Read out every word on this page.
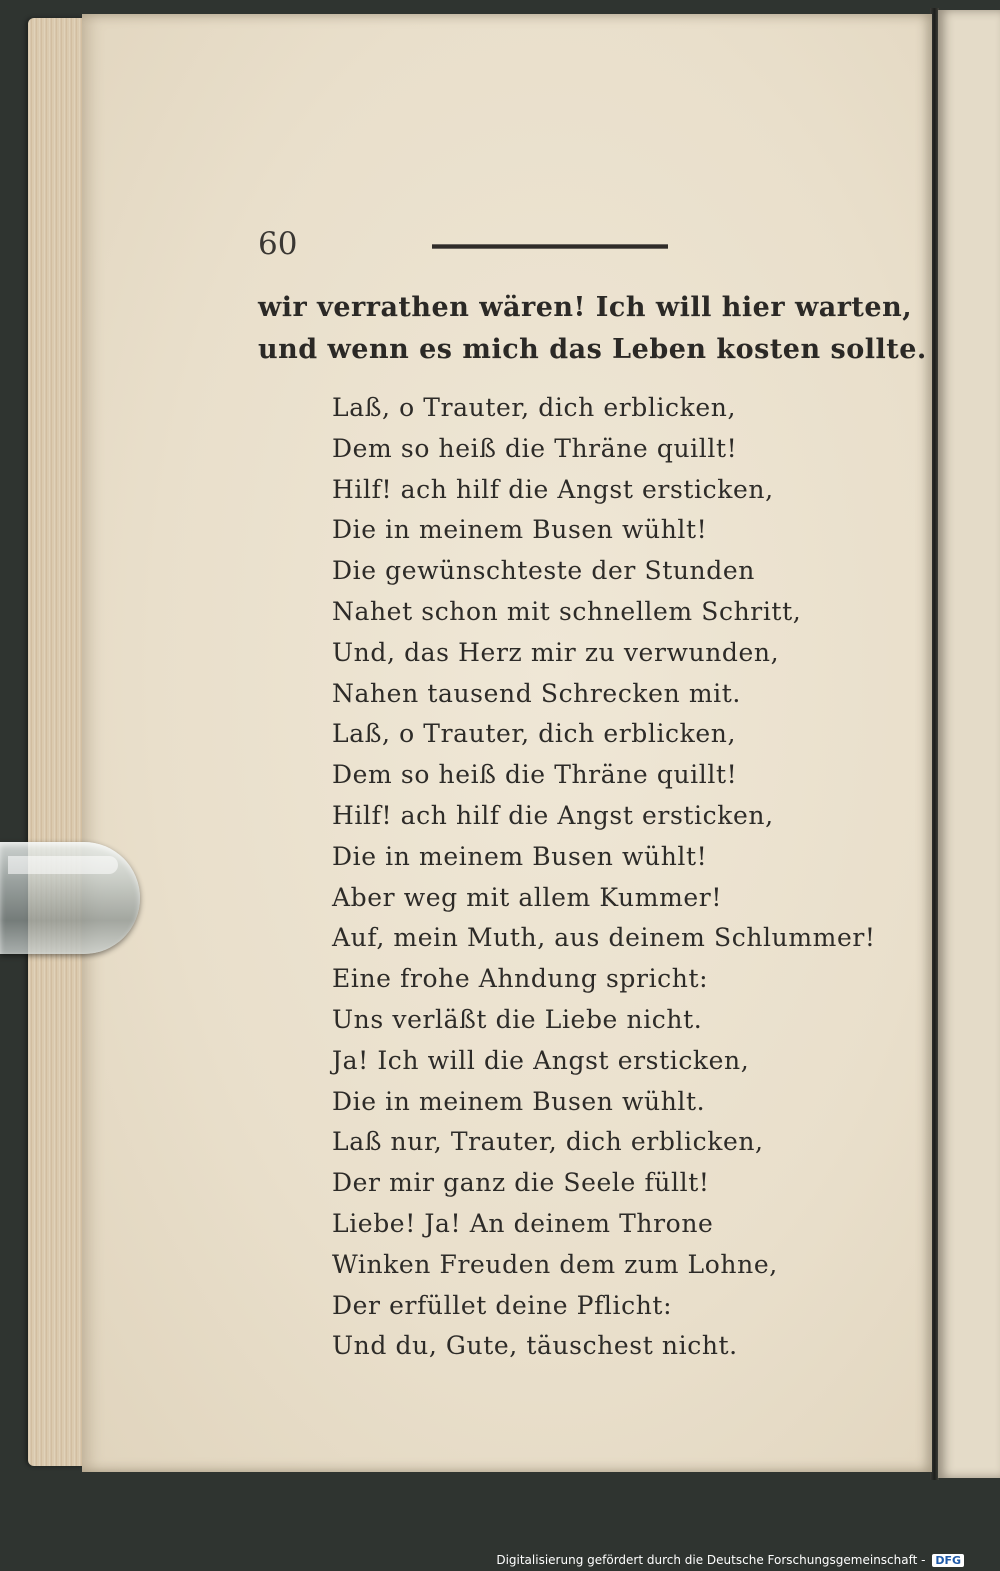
60
wir verrathen wären! Ich will hier warten,
und wenn es mich das Leben kosten sollte.
Laß, o Trauter, dich erblicken,
Dem so heiß die Thräne quillt!
Hilf! ach hilf die Angst ersticken,
Die in meinem Busen wühlt!
Die gewünschteste der Stunden
Nahet schon mit schnellem Schritt,
Und, das Herz mir zu verwunden,
Nahen tausend Schrecken mit.
Laß, o Trauter, dich erblicken,
Dem so heiß die Thräne quillt!
Hilf! ach hilf die Angst ersticken,
Die in meinem Busen wühlt!
Aber weg mit allem Kummer!
Auf, mein Muth, aus deinem Schlummer!
Eine frohe Ahndung spricht:
Uns verläßt die Liebe nicht.
Ja! Ich will die Angst ersticken,
Die in meinem Busen wühlt.
Laß nur, Trauter, dich erblicken,
Der mir ganz die Seele füllt!
Liebe! Ja! An deinem Throne
Winken Freuden dem zum Lohne,
Der erfüllet deine Pflicht:
Und du, Gute, täuschest nicht.
Digitalisierung gefördert durch die Deutsche Forschungsgemeinschaft - DFG
